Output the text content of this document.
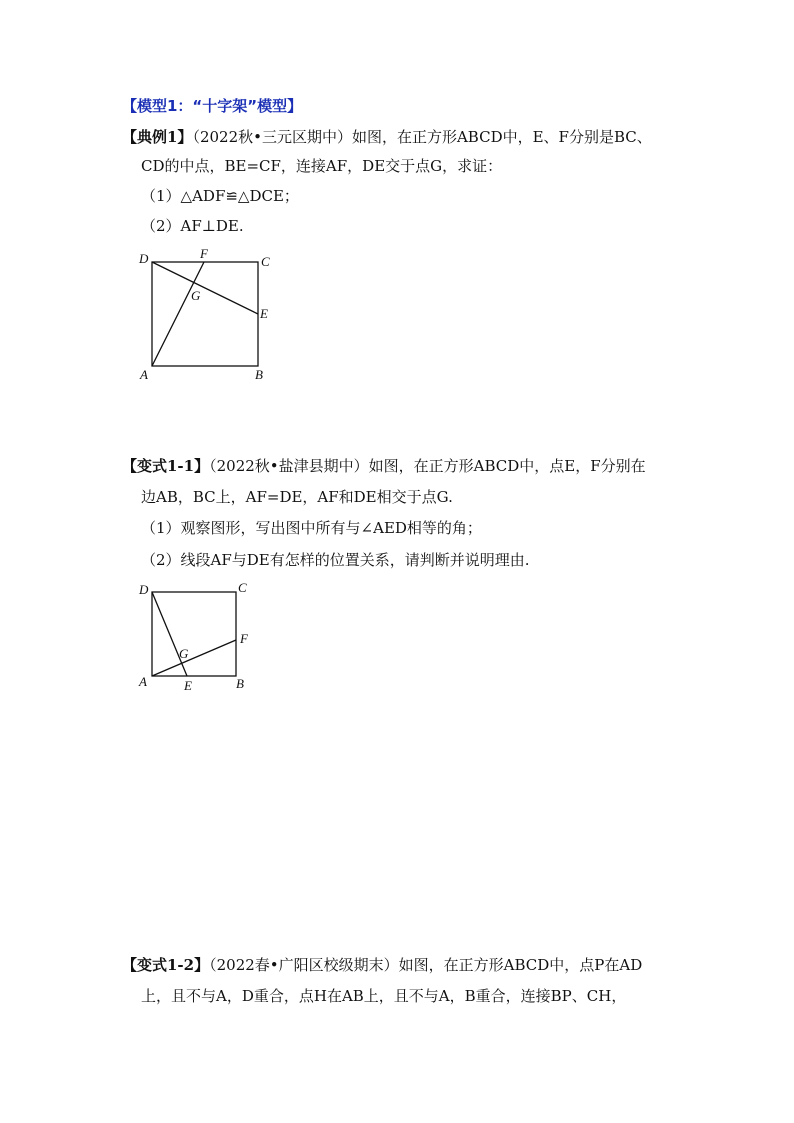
【模型1：“十字架”模型】
【典例1】（2022秋•三元区期中）如图，在正方形ABCD中，E、F分别是BC、
CD的中点，BE=CF，连接AF，DE交于点G，求证：
（1）△ADF≌△DCE；
（2）AF⊥DE.
D	F
C
G
E
A	B
【变式1-1】（2022秋•盐津县期中）如图，在正方形ABCD中，点E，F分别在
边AB，BC上，AF=DE，AF和DE相交于点G.
（1）观察图形，写出图中所有与∠AED相等的角；
（2）线段AF与DE有怎样的位置关系，请判断并说明理由.
D	C
F
G
A	E	B
【变式1-2】（2022春•广阳区校级期末）如图，在正方形ABCD中，点P在AD
上，且不与A，D重合，点H在AB上，且不与A，B重合，连接BP、CH，
